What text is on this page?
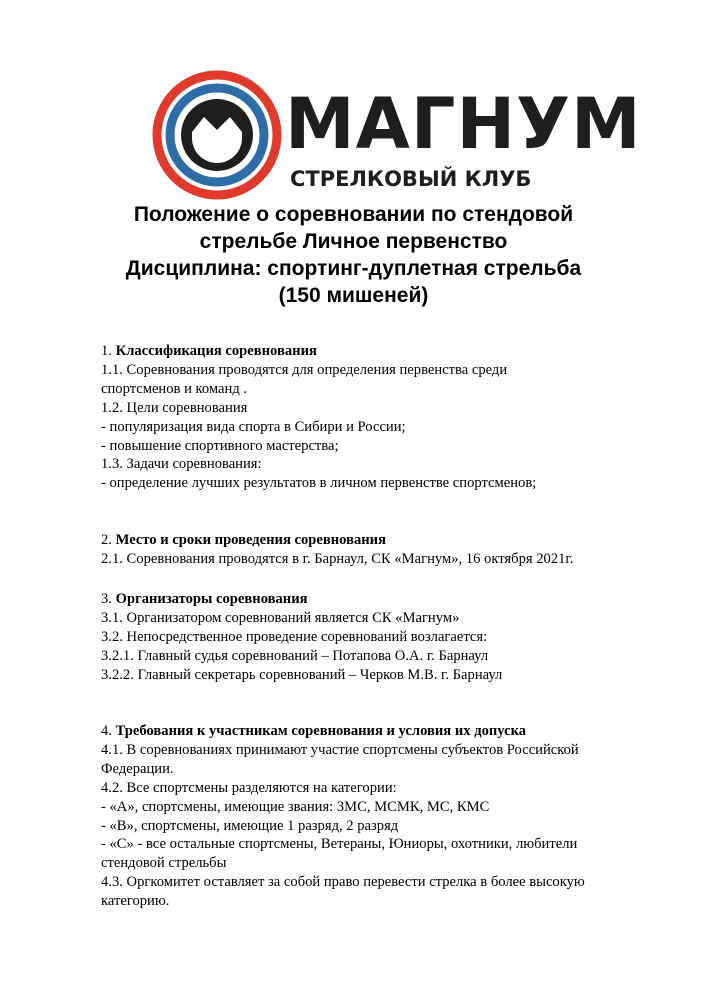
МАГНУМ
СТРЕЛКОВЫЙ КЛУБ
Положение о соревновании по стендовой
стрельбе Личное первенство
Дисциплина: спортинг-дуплетная стрельба
(150 мишеней)
1. Классификация соревнования
1.1. Соревнования проводятся для определения первенства среди
спортсменов и команд .
1.2. Цели соревнования
- популяризация вида спорта в Сибири и России;
- повышение спортивного мастерства;
1.3. Задачи соревнования:
- определение лучших результатов в личном первенстве спортсменов;
2. Место и сроки проведения соревнования
2.1. Соревнования проводятся в г. Барнаул, СК «Магнум», 16 октября 2021г.
3. Организаторы соревнования
3.1. Организатором соревнований является СК «Магнум»
3.2. Непосредственное проведение соревнований возлагается:
3.2.1. Главный судья соревнований – Потапова О.А. г. Барнаул
3.2.2. Главный секретарь соревнований – Черков М.В. г. Барнаул
4. Требования к участникам соревнования и условия их допуска
4.1. В соревнованиях принимают участие спортсмены субъектов Российской
Федерации.
4.2. Все спортсмены разделяются на категории:
- «А», спортсмены, имеющие звания: ЗМС, МСМК, МС, КМС
- «В», спортсмены, имеющие 1 разряд, 2 разряд
- «С» - все остальные спортсмены, Ветераны, Юниоры, охотники, любители
стендовой стрельбы
4.3. Оргкомитет оставляет за собой право перевести стрелка в более высокую
категорию.
